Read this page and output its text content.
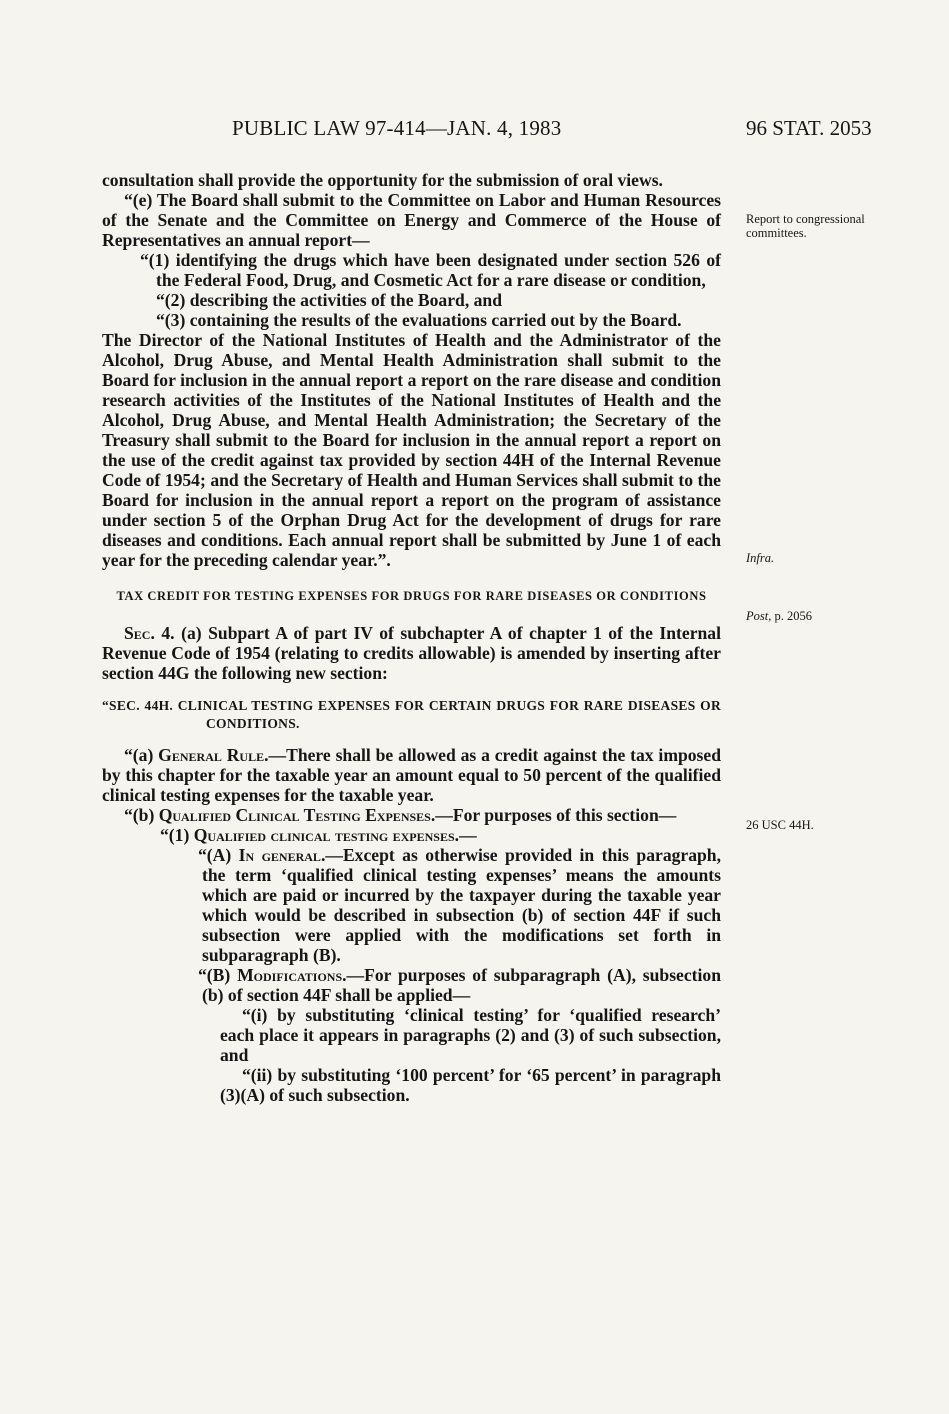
PUBLIC LAW 97-414—JAN. 4, 1983	96 STAT. 2053

consultation shall provide the opportunity for the submission of oral views.

“(e) The Board shall submit to the Committee on Labor and Human Resources of the Senate and the Committee on Energy and Commerce of the House of Representatives an annual report—

“(1) identifying the drugs which have been designated under section 526 of the Federal Food, Drug, and Cosmetic Act for a rare disease or condition,

“(2) describing the activities of the Board, and

“(3) containing the results of the evaluations carried out by the Board.

The Director of the National Institutes of Health and the Administrator of the Alcohol, Drug Abuse, and Mental Health Administration shall submit to the Board for inclusion in the annual report a report on the rare disease and condition research activities of the Institutes of the National Institutes of Health and the Alcohol, Drug Abuse, and Mental Health Administration; the Secretary of the Treasury shall submit to the Board for inclusion in the annual report a report on the use of the credit against tax provided by section 44H of the Internal Revenue Code of 1954; and the Secretary of Health and Human Services shall submit to the Board for inclusion in the annual report a report on the program of assistance under section 5 of the Orphan Drug Act for the development of drugs for rare diseases and conditions. Each annual report shall be submitted by June 1 of each year for the preceding calendar year.”.

TAX CREDIT FOR TESTING EXPENSES FOR DRUGS FOR RARE DISEASES OR CONDITIONS

Sec. 4. (a) Subpart A of part IV of subchapter A of chapter 1 of the Internal Revenue Code of 1954 (relating to credits allowable) is amended by inserting after section 44G the following new section:

“SEC. 44H. CLINICAL TESTING EXPENSES FOR CERTAIN DRUGS FOR RARE DISEASES OR CONDITIONS.

“(a) General Rule.—There shall be allowed as a credit against the tax imposed by this chapter for the taxable year an amount equal to 50 percent of the qualified clinical testing expenses for the taxable year.

“(b) Qualified Clinical Testing Expenses.—For purposes of this section—

“(1) Qualified clinical testing expenses.—

“(A) In general.—Except as otherwise provided in this paragraph, the term ‘qualified clinical testing expenses’ means the amounts which are paid or incurred by the taxpayer during the taxable year which would be described in subsection (b) of section 44F if such subsection were applied with the modifications set forth in subparagraph (B).

“(B) Modifications.—For purposes of subparagraph (A), subsection (b) of section 44F shall be applied—

“(i) by substituting ‘clinical testing’ for ‘qualified research’ each place it appears in paragraphs (2) and (3) of such subsection, and

“(ii) by substituting ‘100 percent’ for ‘65 percent’ in paragraph (3)(A) of such subsection.

Report to congressional committees.
Infra.
Post, p. 2056
26 USC 44H.
